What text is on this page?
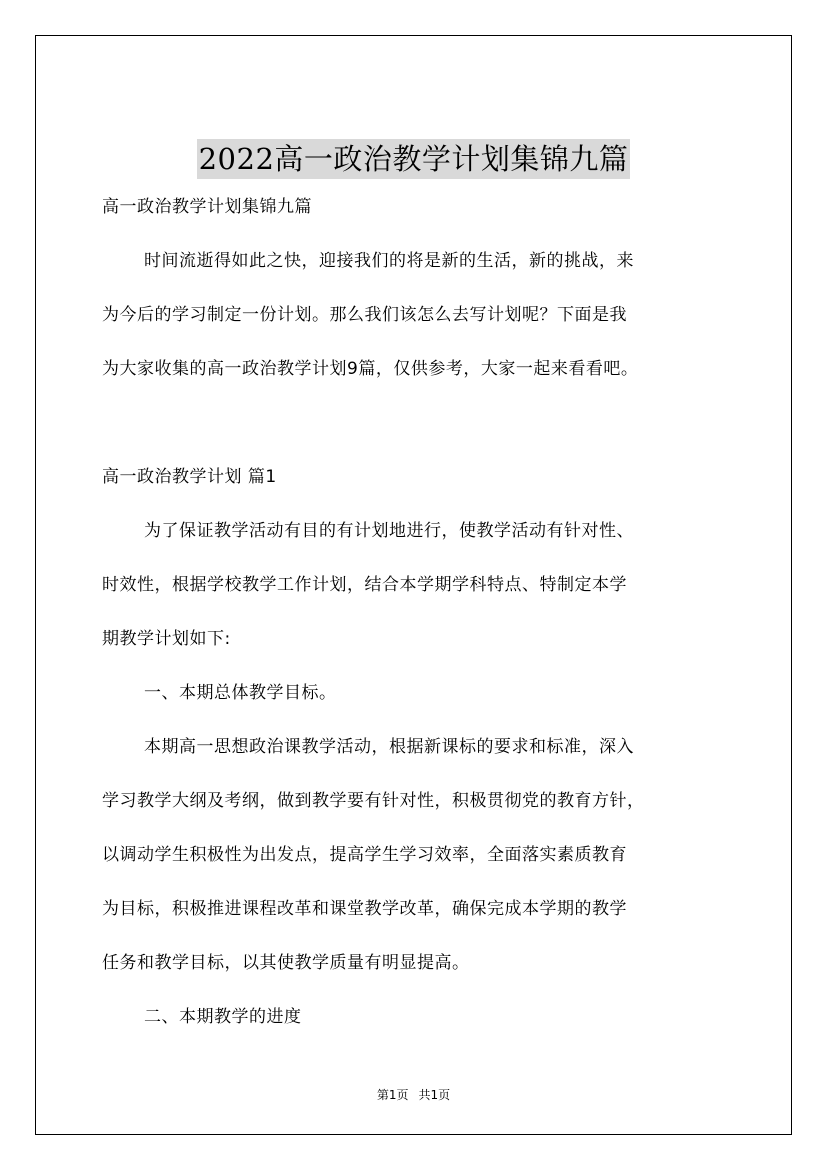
2022高一政治教学计划集锦九篇
高一政治教学计划集锦九篇
时间流逝得如此之快，迎接我们的将是新的生活，新的挑战，来
为今后的学习制定一份计划。那么我们该怎么去写计划呢？下面是我
为大家收集的高一政治教学计划9篇，仅供参考，大家一起来看看吧。
高一政治教学计划 篇1
为了保证教学活动有目的有计划地进行，使教学活动有针对性、
时效性，根据学校教学工作计划，结合本学期学科特点、特制定本学
期教学计划如下:
一、本期总体教学目标。
本期高一思想政治课教学活动，根据新课标的要求和标准，深入
学习教学大纲及考纲，做到教学要有针对性，积极贯彻党的教育方针，
以调动学生积极性为出发点，提高学生学习效率，全面落实素质教育
为目标，积极推进课程改革和课堂教学改革，确保完成本学期的教学
任务和教学目标，以其使教学质量有明显提高。
二、本期教学的进度
第1页 共1页
